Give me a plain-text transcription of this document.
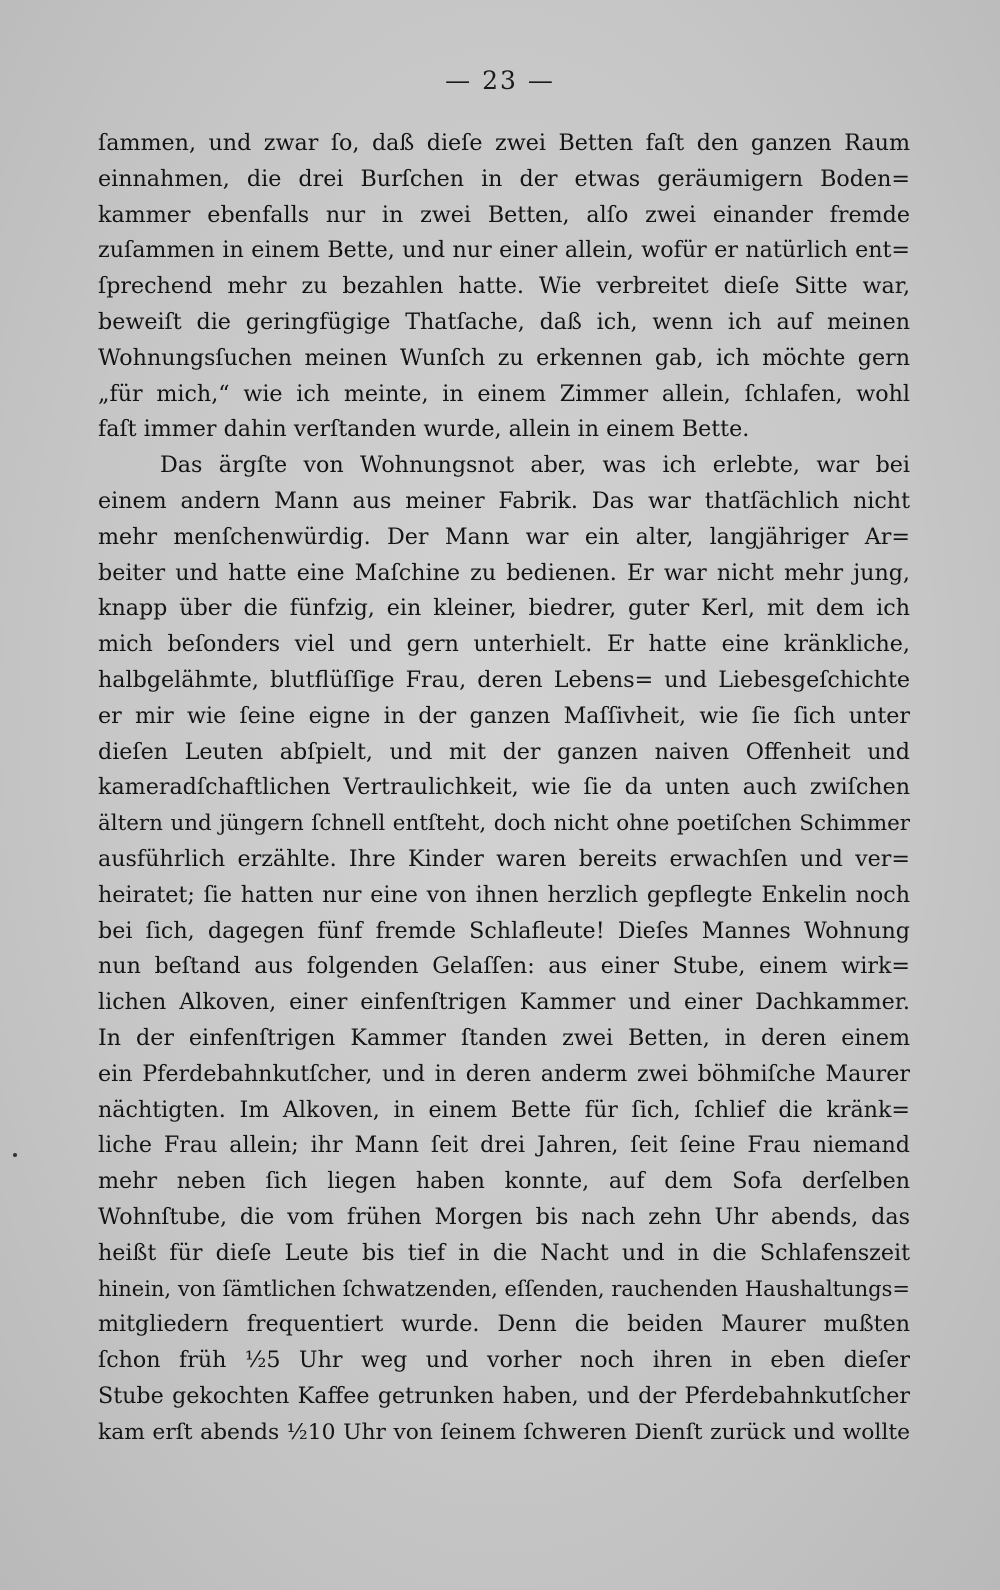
— 23 —
ſammen, und zwar ſo, daß dieſe zwei Betten faſt den ganzen Raum
einnahmen, die drei Burſchen in der etwas geräumigern Boden=
kammer ebenfalls nur in zwei Betten, alſo zwei einander fremde
zuſammen in einem Bette, und nur einer allein, wofür er natürlich ent=
ſprechend mehr zu bezahlen hatte. Wie verbreitet dieſe Sitte war,
beweiſt die geringfügige Thatſache, daß ich, wenn ich auf meinen
Wohnungsſuchen meinen Wunſch zu erkennen gab, ich möchte gern
„für mich,“ wie ich meinte, in einem Zimmer allein, ſchlafen, wohl
faſt immer dahin verſtanden wurde, allein in einem Bette.
Das ärgſte von Wohnungsnot aber, was ich erlebte, war bei
einem andern Mann aus meiner Fabrik. Das war thatſächlich nicht
mehr menſchenwürdig. Der Mann war ein alter, langjähriger Ar=
beiter und hatte eine Maſchine zu bedienen. Er war nicht mehr jung,
knapp über die fünfzig, ein kleiner, biedrer, guter Kerl, mit dem ich
mich beſonders viel und gern unterhielt. Er hatte eine kränkliche,
halbgelähmte, blutflüſſige Frau, deren Lebens= und Liebesgeſchichte
er mir wie ſeine eigne in der ganzen Maſſivheit, wie ſie ſich unter
dieſen Leuten abſpielt, und mit der ganzen naiven Offenheit und
kameradſchaftlichen Vertraulichkeit, wie ſie da unten auch zwiſchen
ältern und jüngern ſchnell entſteht, doch nicht ohne poetiſchen Schimmer
ausführlich erzählte. Ihre Kinder waren bereits erwachſen und ver=
heiratet; ſie hatten nur eine von ihnen herzlich gepflegte Enkelin noch
bei ſich, dagegen fünf fremde Schlafleute! Dieſes Mannes Wohnung
nun beſtand aus folgenden Gelaſſen: aus einer Stube, einem wirk=
lichen Alkoven, einer einfenſtrigen Kammer und einer Dachkammer.
In der einfenſtrigen Kammer ſtanden zwei Betten, in deren einem
ein Pferdebahnkutſcher, und in deren anderm zwei böhmiſche Maurer
nächtigten. Im Alkoven, in einem Bette für ſich, ſchlief die kränk=
liche Frau allein; ihr Mann ſeit drei Jahren, ſeit ſeine Frau niemand
mehr neben ſich liegen haben konnte, auf dem Sofa derſelben
Wohnſtube, die vom frühen Morgen bis nach zehn Uhr abends, das
heißt für dieſe Leute bis tief in die Nacht und in die Schlafenszeit
hinein, von ſämtlichen ſchwatzenden, eſſenden, rauchenden Haushaltungs=
mitgliedern frequentiert wurde. Denn die beiden Maurer mußten
ſchon früh ½5 Uhr weg und vorher noch ihren in eben dieſer
Stube gekochten Kaffee getrunken haben, und der Pferdebahnkutſcher
kam erſt abends ½10 Uhr von ſeinem ſchweren Dienſt zurück und wollte
